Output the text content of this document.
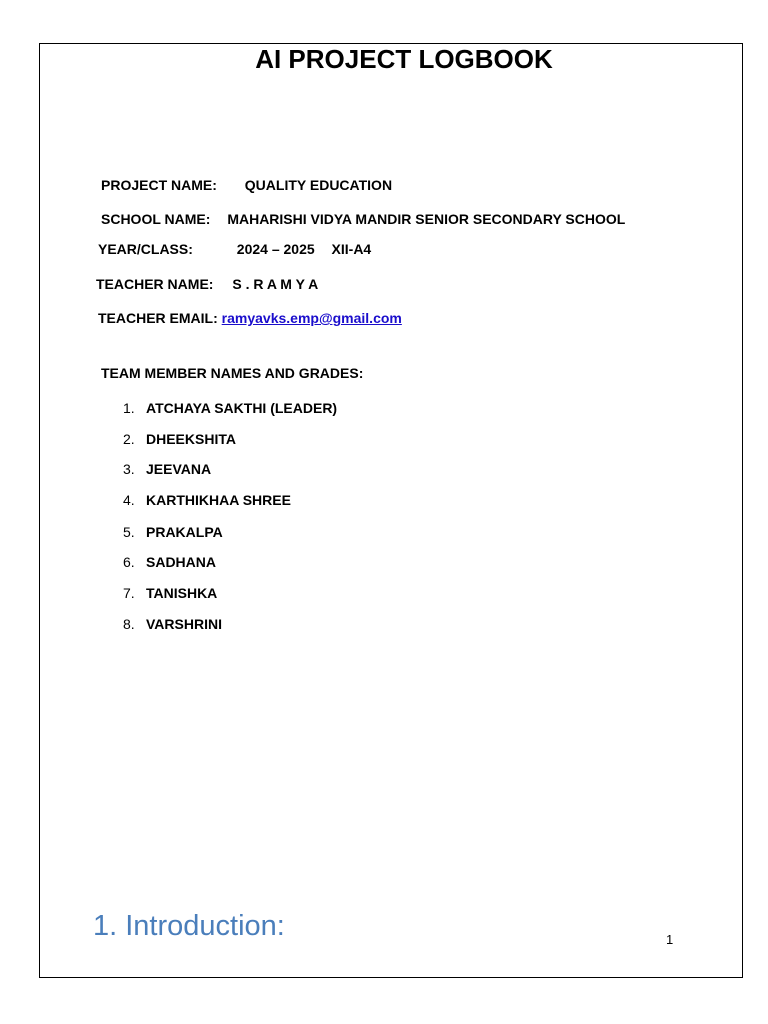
AI PROJECT LOGBOOK
PROJECT NAME: QUALITY EDUCATION
SCHOOL NAME: MAHARISHI VIDYA MANDIR SENIOR SECONDARY SCHOOL
YEAR/CLASS:	2024 – 2025 XII-A4
TEACHER NAME: S . R A M Y A
TEACHER EMAIL: ramyavks.emp@gmail.com
TEAM MEMBER NAMES AND GRADES:
1. ATCHAYA SAKTHI (LEADER)
2. DHEEKSHITA
3. JEEVANA
4. KARTHIKHAA SHREE
5. PRAKALPA
6. SADHANA
7. TANISHKA
8. VARSHRINI
1. Introduction:	1
